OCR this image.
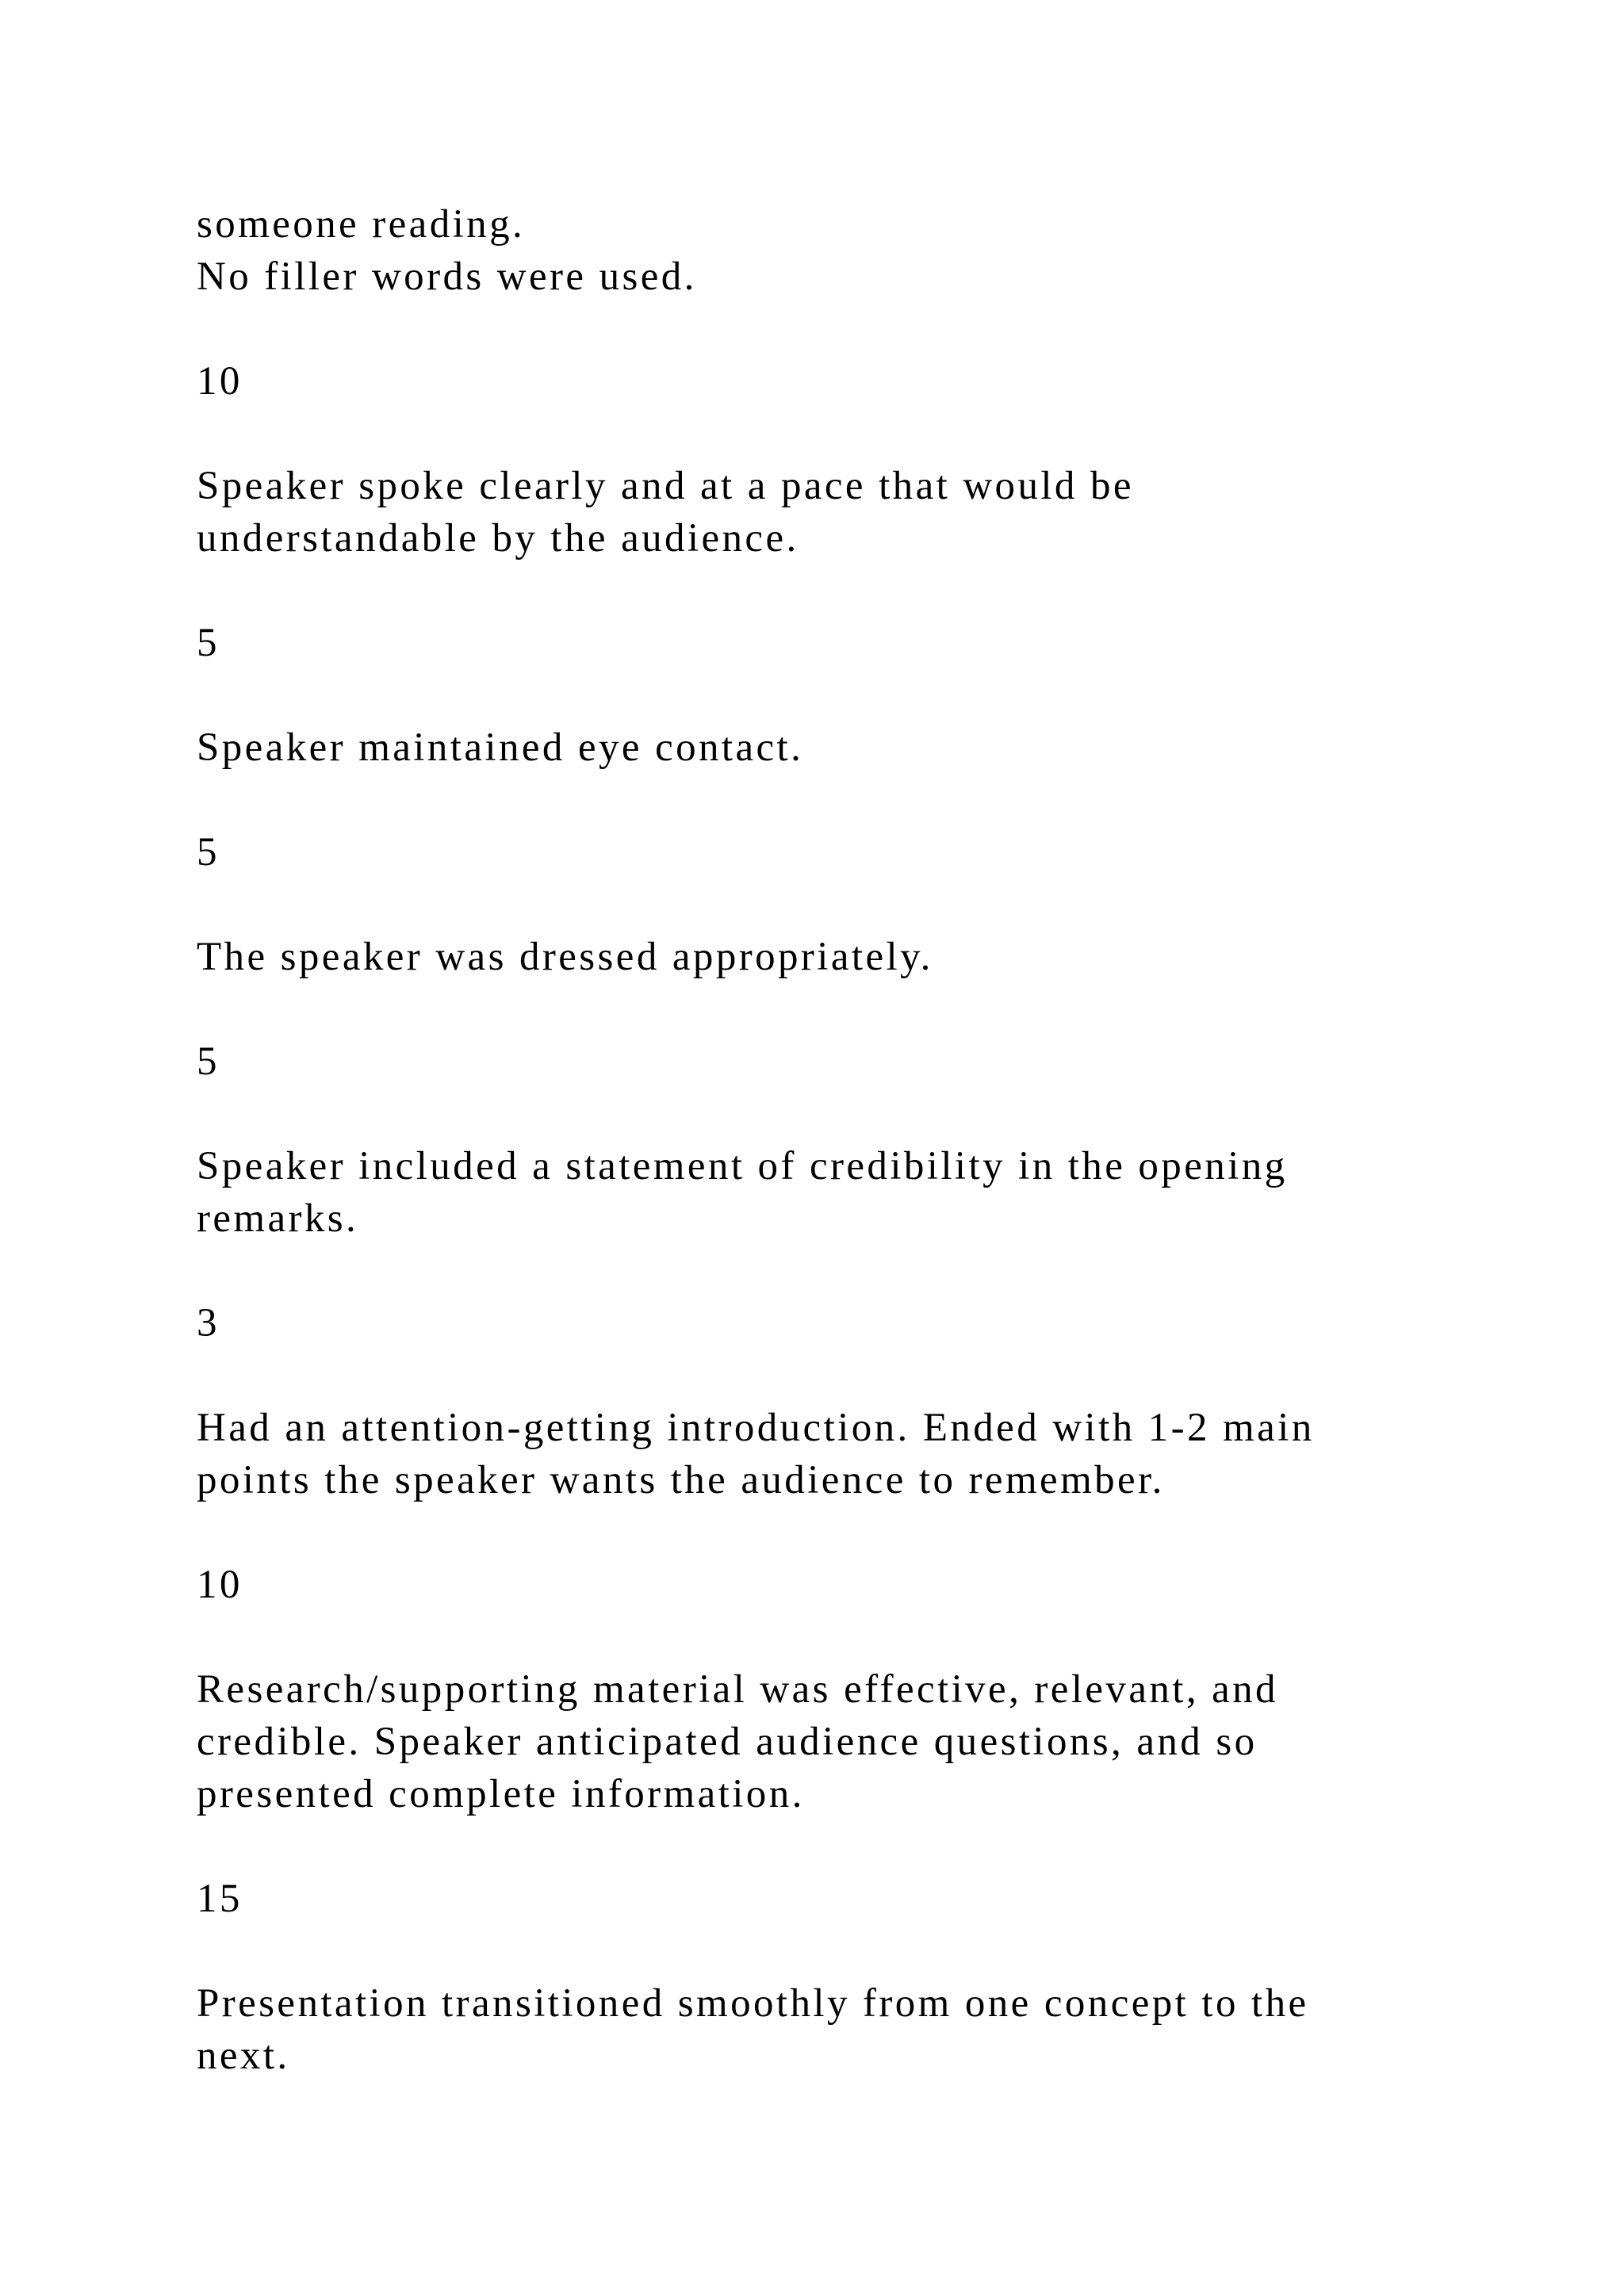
someone reading.
No filler words were used.
10
Speaker spoke clearly and at a pace that would be
understandable by the audience.
5
Speaker maintained eye contact.
5
The speaker was dressed appropriately.
5
Speaker included a statement of credibility in the opening
remarks.
3
Had an attention-getting introduction. Ended with 1-2 main
points the speaker wants the audience to remember.
10
Research/supporting material was effective, relevant, and
credible. Speaker anticipated audience questions, and so
presented complete information.
15
Presentation transitioned smoothly from one concept to the
next.
